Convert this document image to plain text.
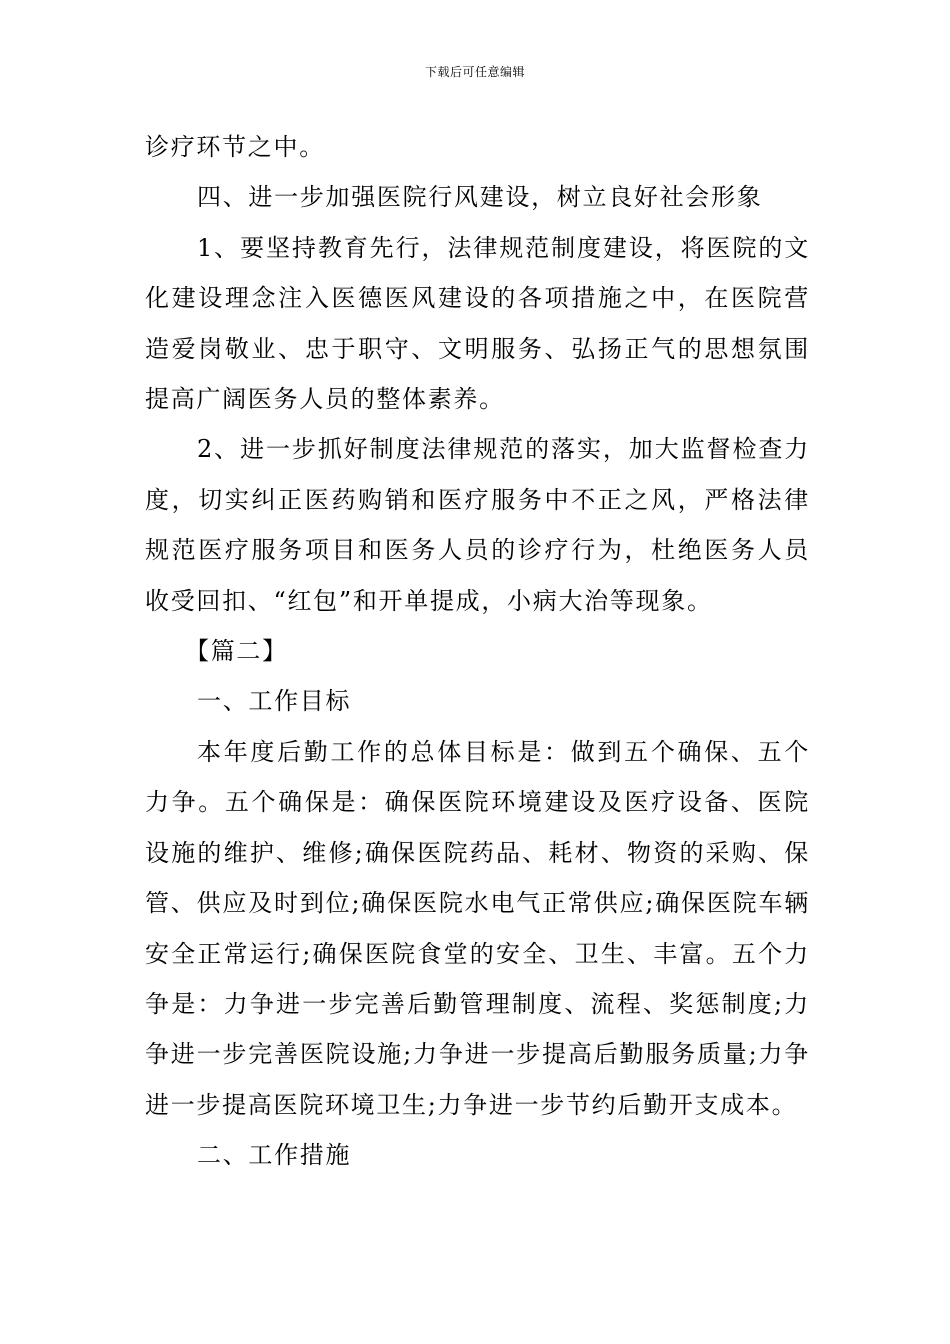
下载后可任意编辑

诊疗环节之中。

四、进一步加强医院行风建设，树立良好社会形象

1、要坚持教育先行，法律规范制度建设，将医院的文化建设理念注入医德医风建设的各项措施之中，在医院营造爱岗敬业、忠于职守、文明服务、弘扬正气的思想氛围提高广阔医务人员的整体素养。

2、进一步抓好制度法律规范的落实，加大监督检查力度，切实纠正医药购销和医疗服务中不正之风，严格法律规范医疗服务项目和医务人员的诊疗行为，杜绝医务人员收受回扣、“红包”和开单提成，小病大治等现象。

【篇二】

一、工作目标

本年度后勤工作的总体目标是：做到五个确保、五个力争。五个确保是：确保医院环境建设及医疗设备、医院设施的维护、维修;确保医院药品、耗材、物资的采购、保管、供应及时到位;确保医院水电气正常供应;确保医院车辆安全正常运行;确保医院食堂的安全、卫生、丰富。五个力争是：力争进一步完善后勤管理制度、流程、奖惩制度;力争进一步完善医院设施;力争进一步提高后勤服务质量;力争进一步提高医院环境卫生;力争进一步节约后勤开支成本。

二、工作措施
